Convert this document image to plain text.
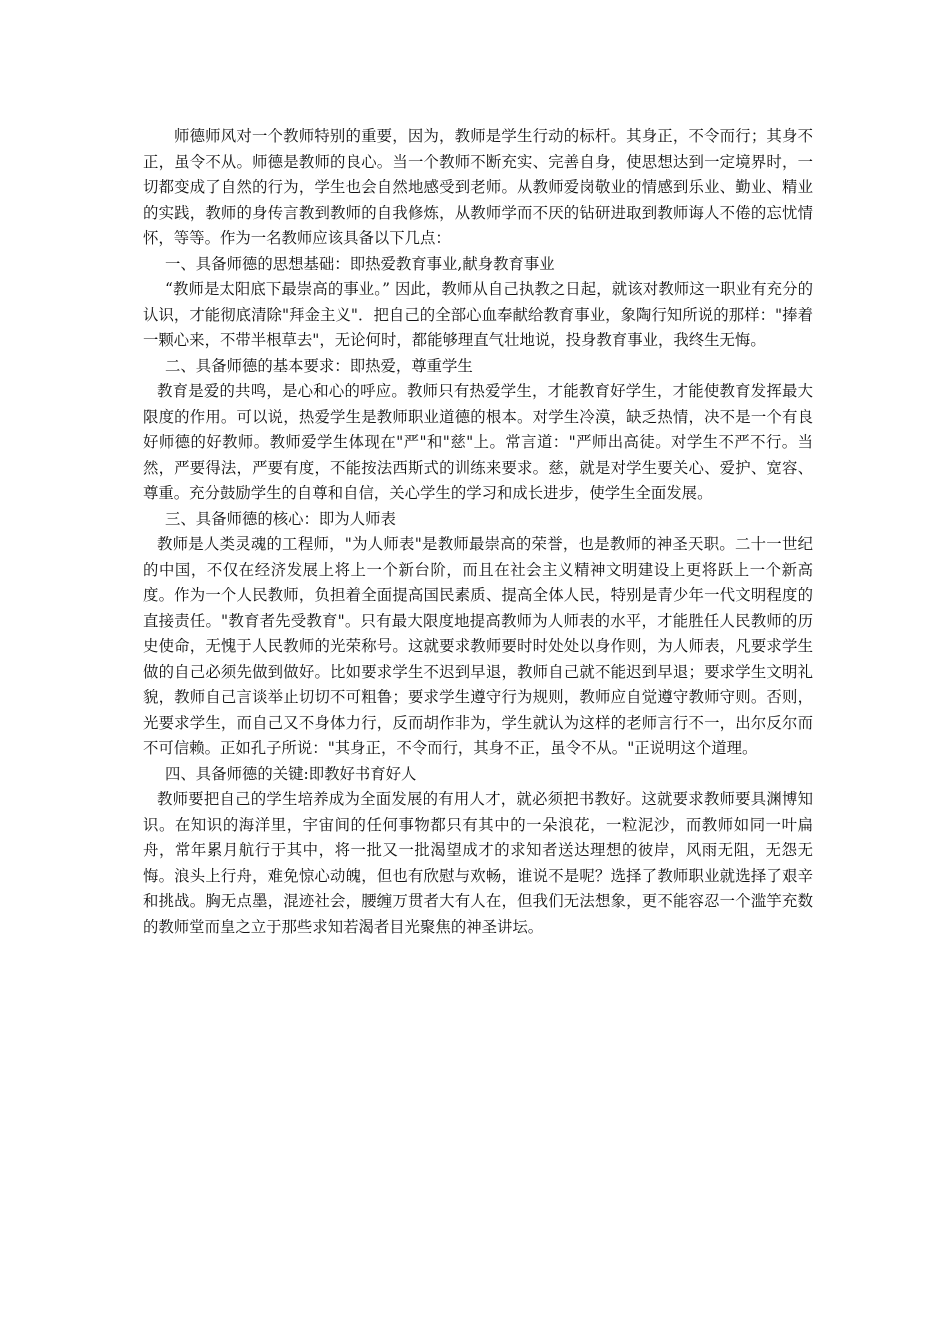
师德师风对一个教师特别的重要，因为，教师是学生行动的标杆。其身正，不令而行；其身不正，虽令不从。师德是教师的良心。当一个教师不断充实、完善自身，使思想达到一定境界时，一切都变成了自然的行为，学生也会自然地感受到老师。从教师爱岗敬业的情感到乐业、勤业、精业的实践，教师的身传言教到教师的自我修炼，从教师学而不厌的钻研进取到教师诲人不倦的忘忧情怀，等等。作为一名教师应该具备以下几点：

一、具备师德的思想基础：即热爱教育事业,献身教育事业

“教师是太阳底下最崇高的事业。” 因此，教师从自己执教之日起，就该对教师这一职业有充分的认识，才能彻底清除"拜金主义"．把自己的全部心血奉献给教育事业，象陶行知所说的那样："捧着一颗心来，不带半根草去"，无论何时，都能够理直气壮地说，投身教育事业，我终生无悔。

二、具备师德的基本要求：即热爱，尊重学生

教育是爱的共鸣，是心和心的呼应。教师只有热爱学生，才能教育好学生，才能使教育发挥最大限度的作用。可以说，热爱学生是教师职业道德的根本。对学生冷漠，缺乏热情，决不是一个有良好师德的好教师。教师爱学生体现在"严"和"慈"上。常言道："严师出高徒。对学生不严不行。当然，严要得法，严要有度，不能按法西斯式的训练来要求。慈，就是对学生要关心、爱护、宽容、尊重。充分鼓励学生的自尊和自信，关心学生的学习和成长进步，使学生全面发展。

三、具备师德的核心：即为人师表

教师是人类灵魂的工程师，"为人师表"是教师最崇高的荣誉，也是教师的神圣天职。二十一世纪的中国，不仅在经济发展上将上一个新台阶，而且在社会主义精神文明建设上更将跃上一个新高度。作为一个人民教师，负担着全面提高国民素质、提高全体人民，特别是青少年一代文明程度的直接责任。"教育者先受教育"。只有最大限度地提高教师为人师表的水平，才能胜任人民教师的历史使命，无愧于人民教师的光荣称号。这就要求教师要时时处处以身作则，为人师表，凡要求学生做的自己必须先做到做好。比如要求学生不迟到早退，教师自己就不能迟到早退；要求学生文明礼貌，教师自己言谈举止切切不可粗鲁；要求学生遵守行为规则，教师应自觉遵守教师守则。否则，光要求学生，而自己又不身体力行，反而胡作非为，学生就认为这样的老师言行不一，出尔反尔而不可信赖。正如孔子所说："其身正，不令而行，其身不正，虽令不从。"正说明这个道理。

四、具备师德的关键:即教好书育好人

教师要把自己的学生培养成为全面发展的有用人才，就必须把书教好。这就要求教师要具渊博知识。在知识的海洋里，宇宙间的任何事物都只有其中的一朵浪花，一粒泥沙，而教师如同一叶扁舟，常年累月航行于其中，将一批又一批渴望成才的求知者送达理想的彼岸，风雨无阻，无怨无悔。浪头上行舟，难免惊心动魄，但也有欣慰与欢畅，谁说不是呢？选择了教师职业就选择了艰辛和挑战。胸无点墨，混迹社会，腰缠万贯者大有人在，但我们无法想象，更不能容忍一个滥竽充数的教师堂而皇之立于那些求知若渴者目光聚焦的神圣讲坛。
